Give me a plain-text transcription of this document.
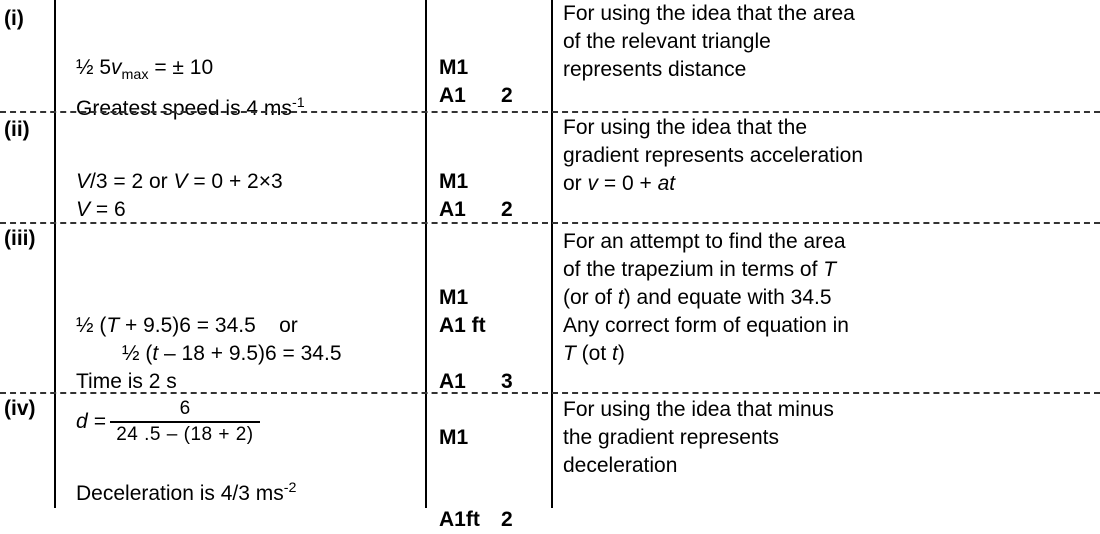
(i)
½ $5v_{max}$ = ± 10
Greatest speed is 4 $ms^{-1}$
M1
A1 2
For using the idea that the area
of the relevant triangle
represents distance
(ii)
V/3 = 2 or V = 0 + 2×3
V = 6
M1
A1 2
For using the idea that the
gradient represents acceleration
or v = 0 + at
(iii)
½ (T + 9.5)6 = 34.5    or
½ (t – 18 + 9.5)6 = 34.5
Time is 2 s
M1
A1 ft
A1 3
For an attempt to find the area
of the trapezium in terms of T
(or of t) and equate with 34.5
Any correct form of equation in
T (ot t)
(iv)
$d = \frac{6}{24 .5 - (18 + 2)}$
Deceleration is 4/3 $ms^{-2}$
M1
A1ft 2
For using the idea that minus
the gradient represents
deceleration
